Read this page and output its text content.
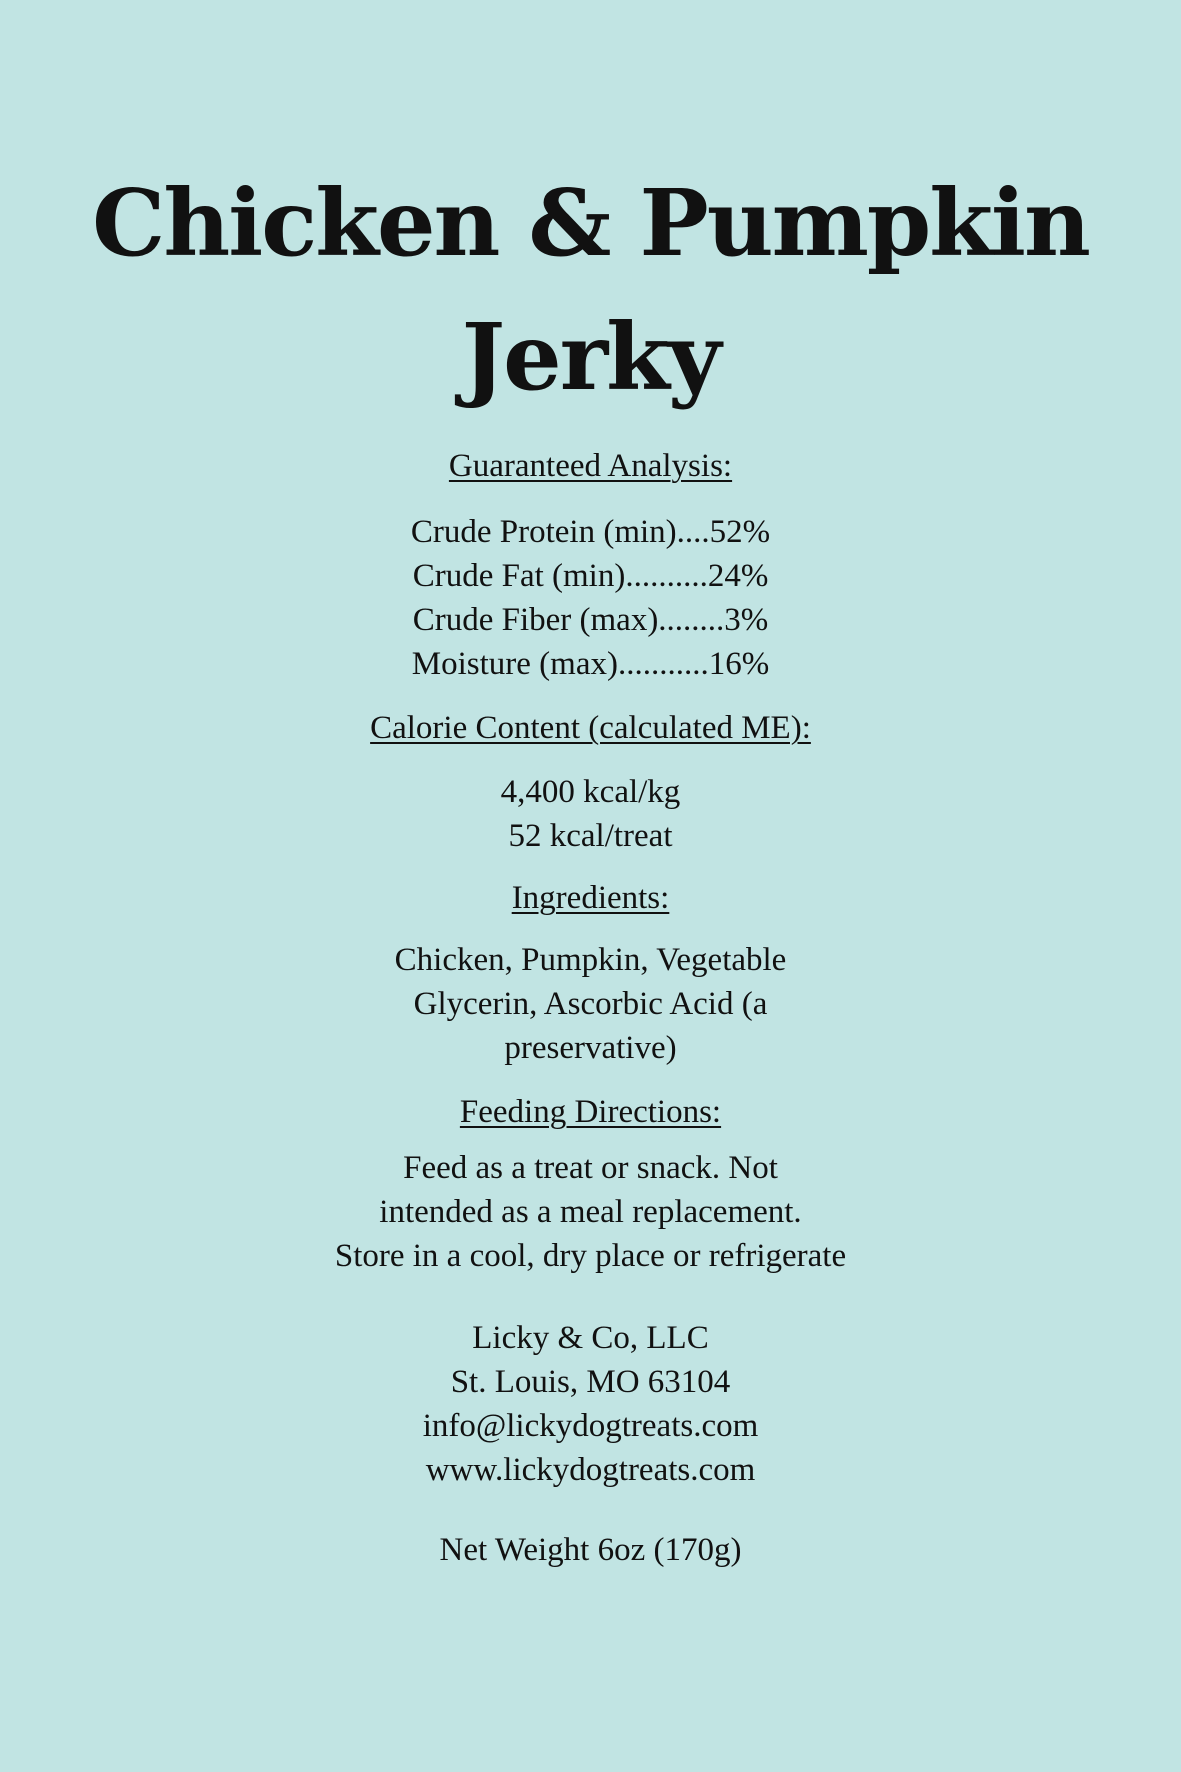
Chicken & Pumpkin
Jerky
Guaranteed Analysis:
Crude Protein (min)....52%
Crude Fat (min)..........24%
Crude Fiber (max)........3%
Moisture (max)...........16%
Calorie Content (calculated ME):
4,400 kcal/kg
52 kcal/treat
Ingredients:
Chicken, Pumpkin, Vegetable
Glycerin, Ascorbic Acid (a
preservative)
Feeding Directions:
Feed as a treat or snack. Not
intended as a meal replacement.
Store in a cool, dry place or refrigerate
Licky & Co, LLC
St. Louis, MO 63104
info@lickydogtreats.com
www.lickydogtreats.com
Net Weight 6oz (170g)
